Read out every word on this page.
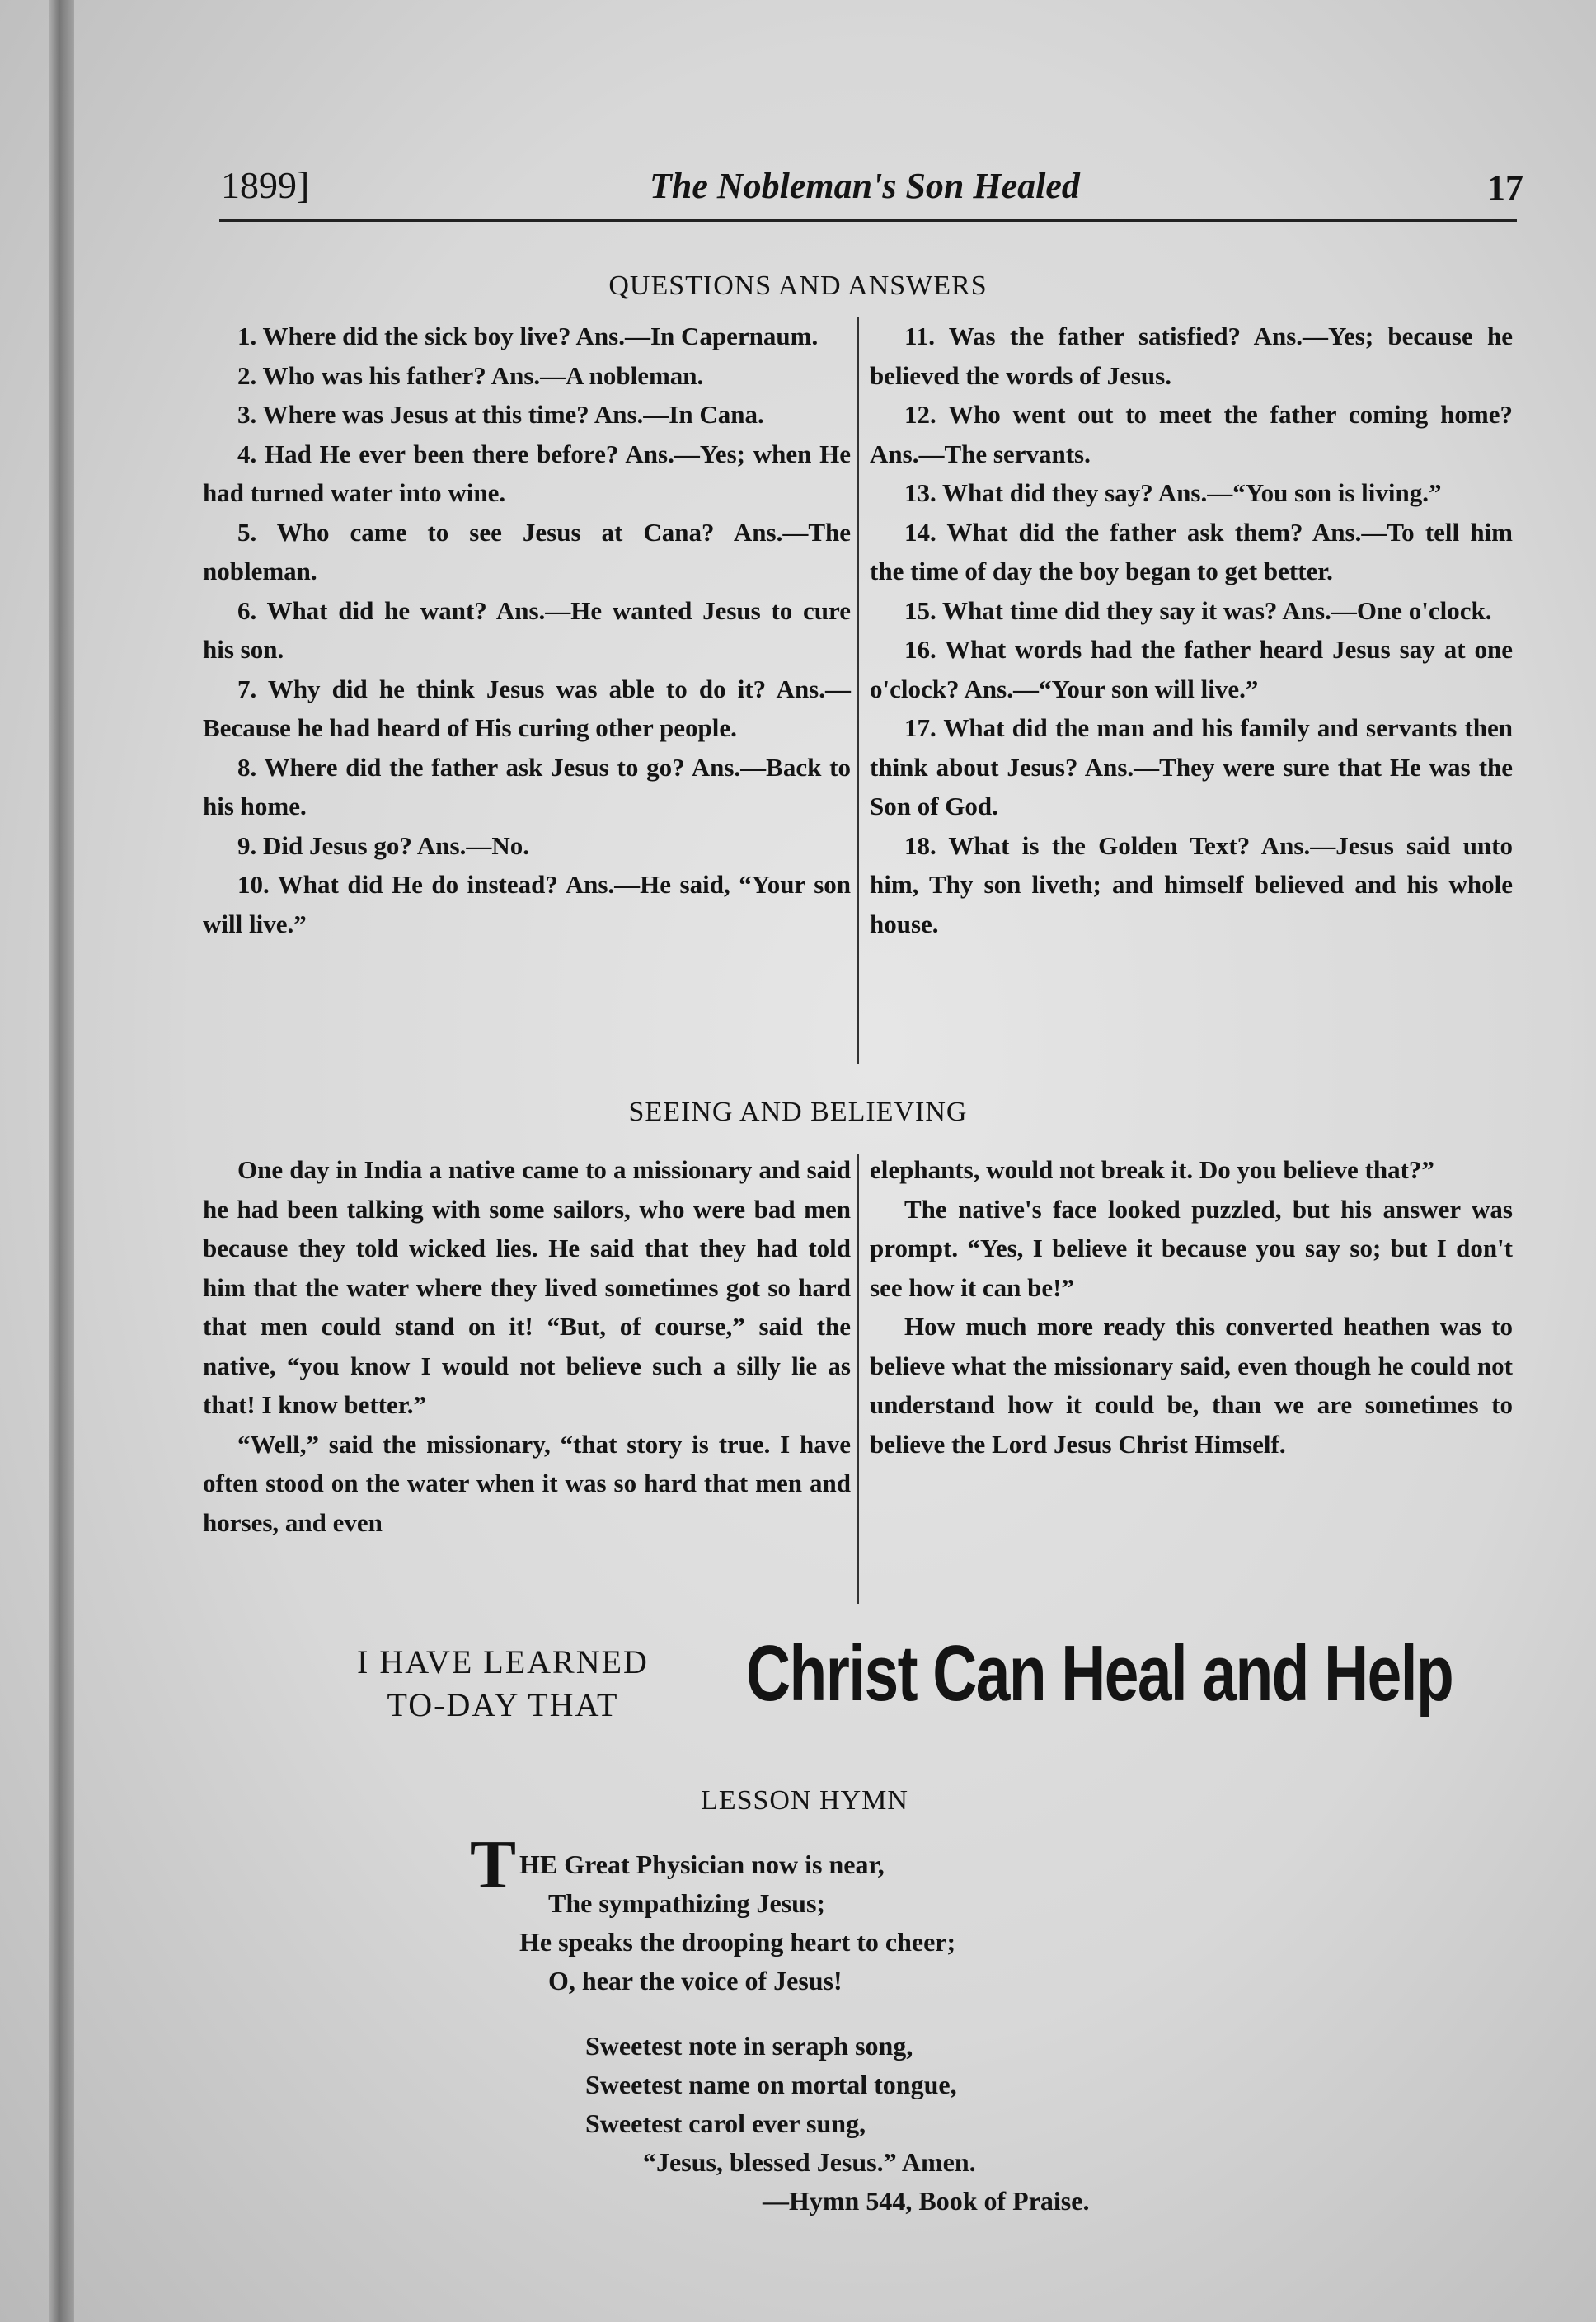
1899]	The Nobleman's Son Healed	17
QUESTIONS AND ANSWERS

1. Where did the sick boy live? Ans.—In Capernaum.

2. Who was his father? Ans.—A nobleman.

3. Where was Jesus at this time? Ans.—In Cana.

4. Had He ever been there before? Ans.—Yes; when He had turned water into wine.

5. Who came to see Jesus at Cana? Ans.—The nobleman.

6. What did he want? Ans.—He wanted Jesus to cure his son.

7. Why did he think Jesus was able to do it? Ans.—Because he had heard of His curing other people.

8. Where did the father ask Jesus to go? Ans.—Back to his home.

9. Did Jesus go? Ans.—No.

10. What did He do instead? Ans.—He said, “Your son will live.”

11. Was the father satisfied? Ans.—Yes; because he believed the words of Jesus.

12. Who went out to meet the father coming home? Ans.—The servants.

13. What did they say? Ans.—“You son is living.”

14. What did the father ask them? Ans.—To tell him the time of day the boy began to get better.

15. What time did they say it was? Ans.—One o'clock.

16. What words had the father heard Jesus say at one o'clock? Ans.—“Your son will live.”

17. What did the man and his family and servants then think about Jesus? Ans.—They were sure that He was the Son of God.

18. What is the Golden Text? Ans.—Jesus said unto him, Thy son liveth; and himself believed and his whole house.

SEEING AND BELIEVING

One day in India a native came to a missionary and said he had been talking with some sailors, who were bad men because they told wicked lies. He said that they had told him that the water where they lived sometimes got so hard that men could stand on it! “But, of course,” said the native, “you know I would not believe such a silly lie as that! I know better.”

“Well,” said the missionary, “that story is true. I have often stood on the water when it was so hard that men and horses, and even

elephants, would not break it. Do you believe that?”

The native's face looked puzzled, but his answer was prompt. “Yes, I believe it because you say so; but I don't see how it can be!”

How much more ready this converted heathen was to believe what the missionary said, even though he could not understand how it could be, than we are sometimes to believe the Lord Jesus Christ Himself.

I HAVE LEARNED
TO-DAY THAT	Christ Can Heal and Help
LESSON HYMN
T HE Great Physician now is near,
The sympathizing Jesus;
He speaks the drooping heart to cheer;
O, hear the voice of Jesus!
Sweetest note in seraph song,
Sweetest name on mortal tongue,
Sweetest carol ever sung,
“Jesus, blessed Jesus.” Amen.
—Hymn 544, Book of Praise.
